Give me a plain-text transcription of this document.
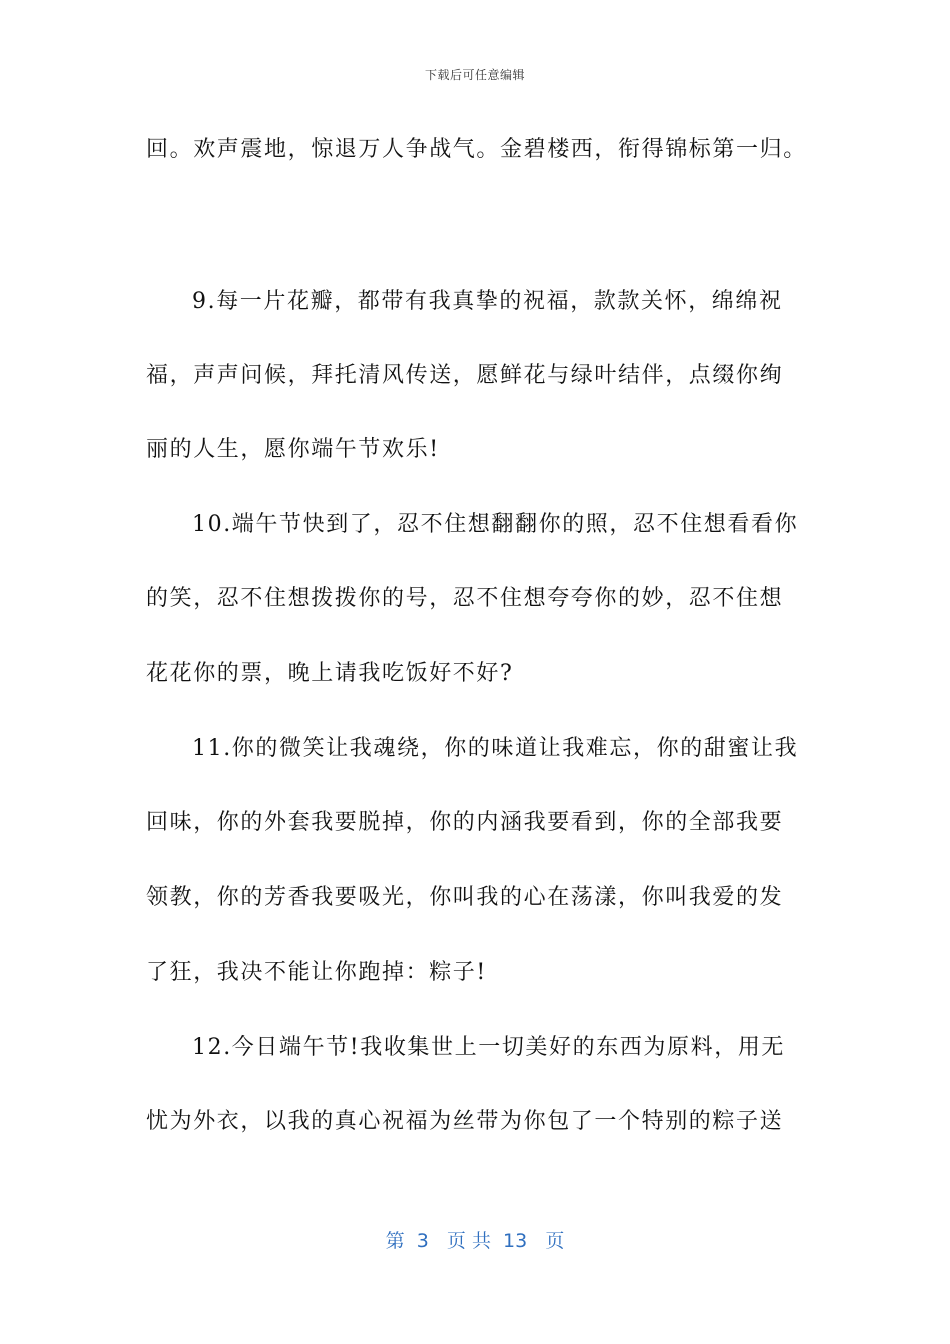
下载后可任意编辑
回。欢声震地，惊退万人争战气。金碧楼西，衔得锦标第一归。
9.每一片花瓣，都带有我真挚的祝福，款款关怀，绵绵祝
福，声声问候，拜托清风传送，愿鲜花与绿叶结伴，点缀你绚
丽的人生，愿你端午节欢乐!
10.端午节快到了，忍不住想翻翻你的照，忍不住想看看你
的笑，忍不住想拨拨你的号，忍不住想夸夸你的妙，忍不住想
花花你的票，晚上请我吃饭好不好?
11.你的微笑让我魂绕，你的味道让我难忘，你的甜蜜让我
回味，你的外套我要脱掉，你的内涵我要看到，你的全部我要
领教，你的芳香我要吸光，你叫我的心在荡漾，你叫我爱的发
了狂，我决不能让你跑掉：粽子!
12.今日端午节!我收集世上一切美好的东西为原料，用无
忧为外衣，以我的真心祝福为丝带为你包了一个特别的粽子送
第  3   页 共  13   页
